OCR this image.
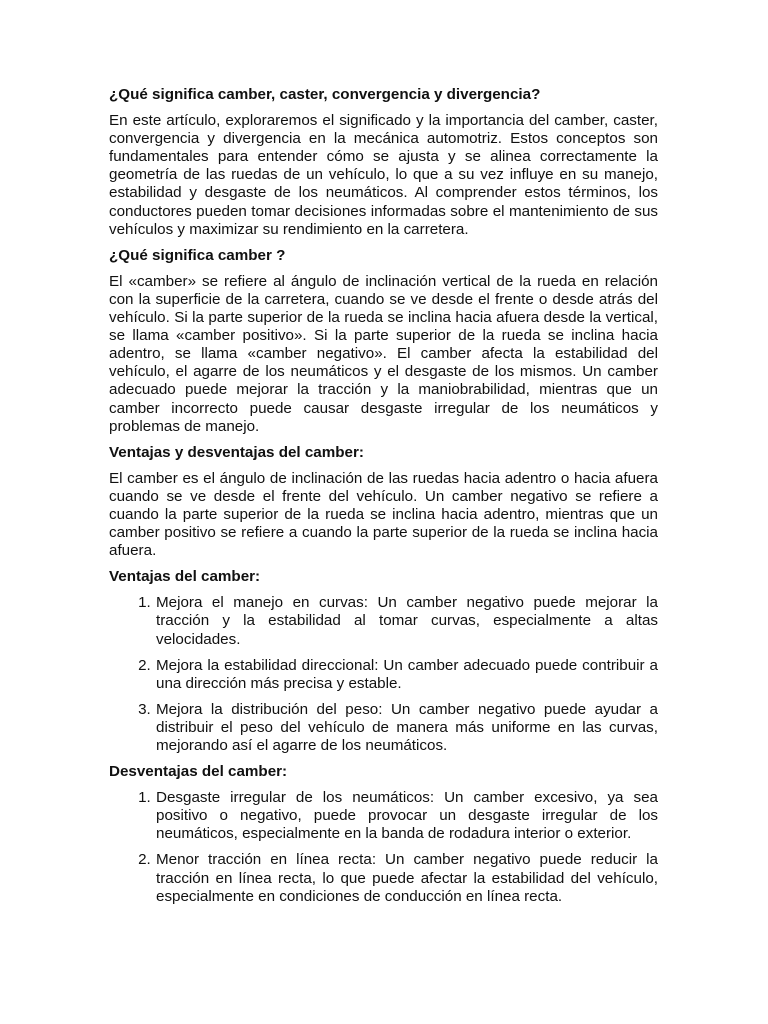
¿Qué significa camber, caster, convergencia y divergencia?
En este artículo, exploraremos el significado y la importancia del camber, caster, convergencia y divergencia en la mecánica automotriz. Estos conceptos son fundamentales para entender cómo se ajusta y se alinea correctamente la geometría de las ruedas de un vehículo, lo que a su vez influye en su manejo, estabilidad y desgaste de los neumáticos. Al comprender estos términos, los conductores pueden tomar decisiones informadas sobre el mantenimiento de sus vehículos y maximizar su rendimiento en la carretera.
¿Qué significa camber ?
El «camber» se refiere al ángulo de inclinación vertical de la rueda en relación con la superficie de la carretera, cuando se ve desde el frente o desde atrás del vehículo. Si la parte superior de la rueda se inclina hacia afuera desde la vertical, se llama «camber positivo». Si la parte superior de la rueda se inclina hacia adentro, se llama «camber negativo». El camber afecta la estabilidad del vehículo, el agarre de los neumáticos y el desgaste de los mismos. Un camber adecuado puede mejorar la tracción y la maniobrabilidad, mientras que un camber incorrecto puede causar desgaste irregular de los neumáticos y problemas de manejo.
Ventajas y desventajas del camber:
El camber es el ángulo de inclinación de las ruedas hacia adentro o hacia afuera cuando se ve desde el frente del vehículo. Un camber negativo se refiere a cuando la parte superior de la rueda se inclina hacia adentro, mientras que un camber positivo se refiere a cuando la parte superior de la rueda se inclina hacia afuera.
Ventajas del camber:
1. Mejora el manejo en curvas: Un camber negativo puede mejorar la tracción y la estabilidad al tomar curvas, especialmente a altas velocidades.
2. Mejora la estabilidad direccional: Un camber adecuado puede contribuir a una dirección más precisa y estable.
3. Mejora la distribución del peso: Un camber negativo puede ayudar a distribuir el peso del vehículo de manera más uniforme en las curvas, mejorando así el agarre de los neumáticos.
Desventajas del camber:
1. Desgaste irregular de los neumáticos: Un camber excesivo, ya sea positivo o negativo, puede provocar un desgaste irregular de los neumáticos, especialmente en la banda de rodadura interior o exterior.
2. Menor tracción en línea recta: Un camber negativo puede reducir la tracción en línea recta, lo que puede afectar la estabilidad del vehículo, especialmente en condiciones de conducción en línea recta.
